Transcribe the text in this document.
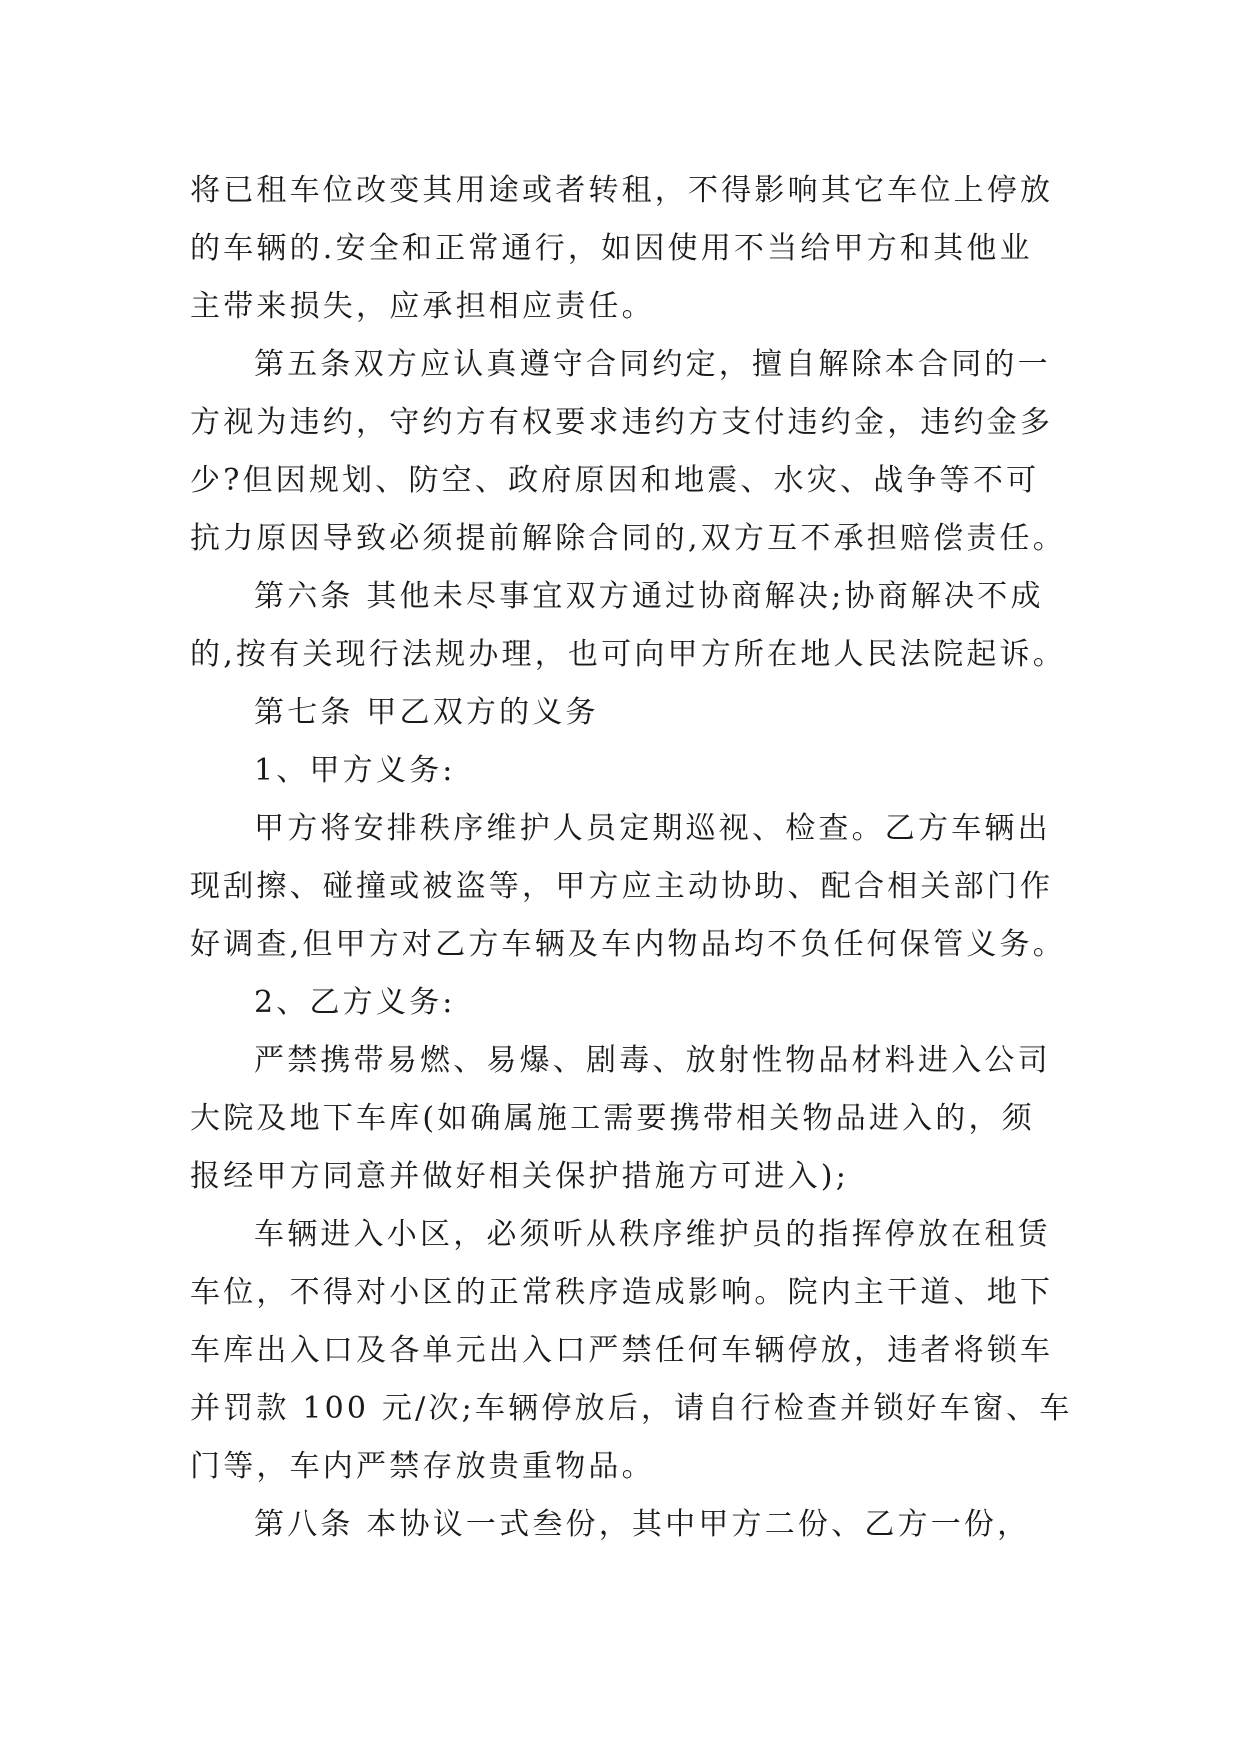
将已租车位改变其用途或者转租，不得影响其它车位上停放
的车辆的.安全和正常通行，如因使用不当给甲方和其他业
主带来损失，应承担相应责任。
第五条双方应认真遵守合同约定，擅自解除本合同的一
方视为违约，守约方有权要求违约方支付违约金，违约金多
少?但因规划、防空、政府原因和地震、水灾、战争等不可
抗力原因导致必须提前解除合同的,双方互不承担赔偿责任。
第六条 其他未尽事宜双方通过协商解决;协商解决不成
的,按有关现行法规办理，也可向甲方所在地人民法院起诉。
第七条 甲乙双方的义务
1、甲方义务:
甲方将安排秩序维护人员定期巡视、检查。乙方车辆出
现刮擦、碰撞或被盗等，甲方应主动协助、配合相关部门作
好调查,但甲方对乙方车辆及车内物品均不负任何保管义务。
2、乙方义务:
严禁携带易燃、易爆、剧毒、放射性物品材料进入公司
大院及地下车库(如确属施工需要携带相关物品进入的，须
报经甲方同意并做好相关保护措施方可进入);
车辆进入小区，必须听从秩序维护员的指挥停放在租赁
车位，不得对小区的正常秩序造成影响。院内主干道、地下
车库出入口及各单元出入口严禁任何车辆停放，违者将锁车
并罚款 100 元/次;车辆停放后，请自行检查并锁好车窗、车
门等，车内严禁存放贵重物品。
第八条 本协议一式叁份，其中甲方二份、乙方一份，
